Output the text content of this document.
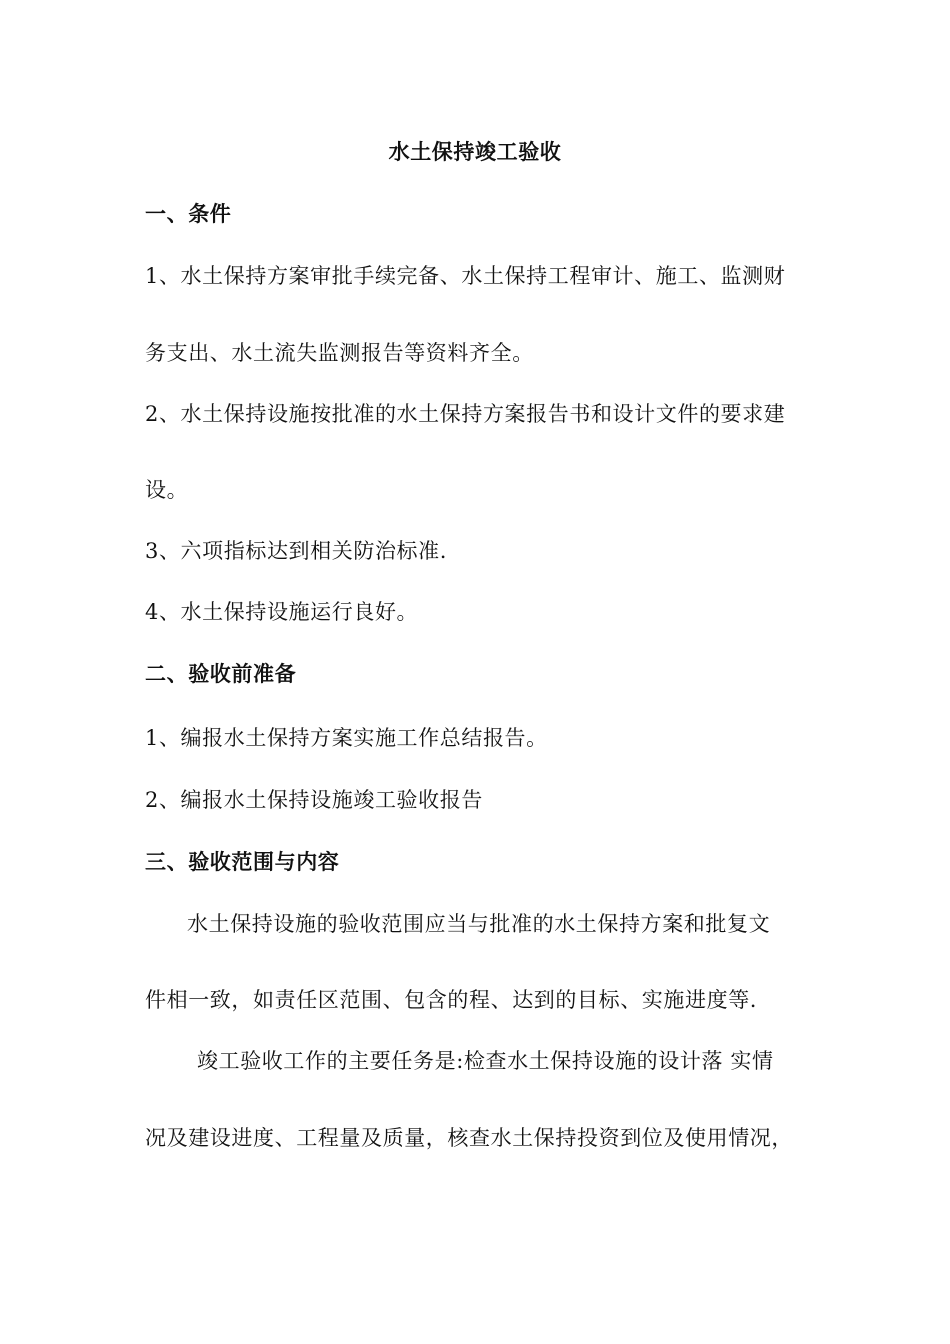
水土保持竣工验收
一、条件
1、水土保持方案审批手续完备、水土保持工程审计、施工、监测财
务支出、水土流失监测报告等资料齐全。
2、水土保持设施按批准的水土保持方案报告书和设计文件的要求建
设。
3、六项指标达到相关防治标准.
4、水土保持设施运行良好。
二、验收前准备
1、编报水土保持方案实施工作总结报告。
2、编报水土保持设施竣工验收报告
三、验收范围与内容
水土保持设施的验收范围应当与批准的水土保持方案和批复文
件相一致，如责任区范围、包含的程、达到的目标、实施进度等.
竣工验收工作的主要任务是:检查水土保持设施的设计落 实情
况及建设进度、工程量及质量，核查水土保持投资到位及使用情况，
